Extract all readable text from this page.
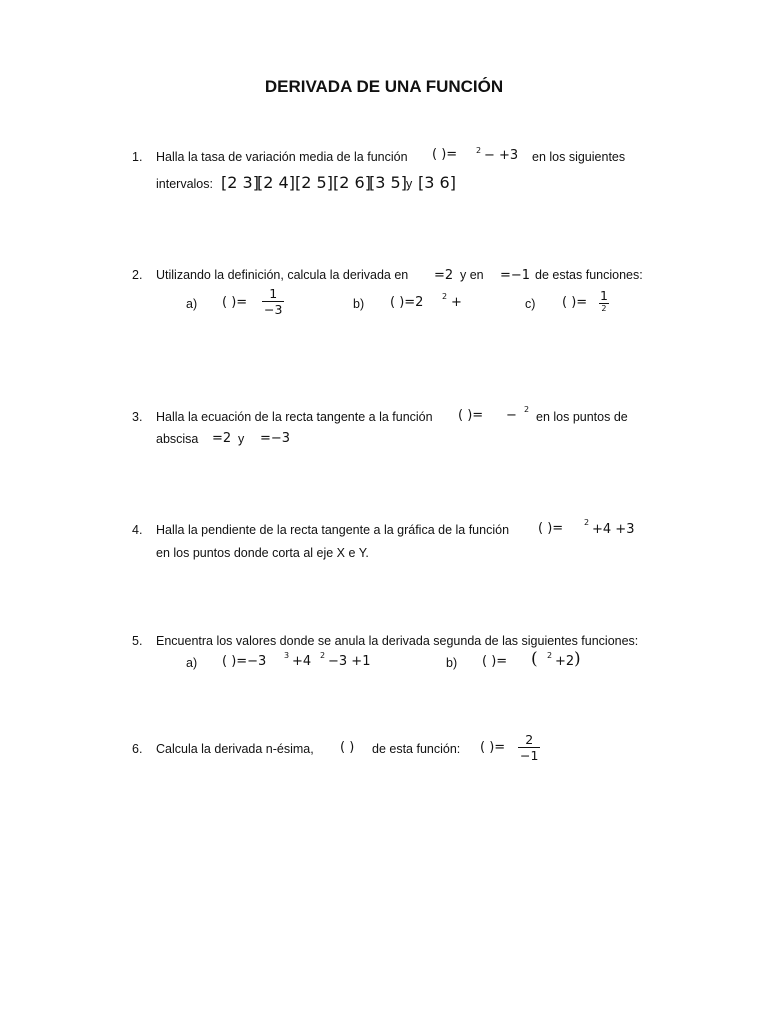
DERIVADA DE UNA FUNCIÓN
1. Halla la tasa de variación media de la función ( )= 2 − +3 en los siguientes
intervalos: [2 3]
[2 4] [2 5] [2 6]
[3 5] y [3 6]
2. Utilizando la definición, calcula la derivada en =2 y en =−1 de estas funciones:
a) ( )= $\frac{1}{-3}$	b) ( )=2 2 +	c) ( )= 1
2
3. Halla la ecuación de la recta tangente a la función ( )= − 2
en los puntos de
abscisa =2 y =−3
4. Halla la pendiente de la recta tangente a la gráfica de la función ( )=	2 +4 +3
en los puntos donde corta al eje X e Y.
5. Encuentra los valores donde se anula la derivada segunda de las siguientes funciones:
a) ( )=−3 3 +4 2 −3 +1	b) ( )= ( 2 +2 )
6. Calcula la derivada n-ésima, ( ) de esta función: ( )= $\frac{2}{-1}$
